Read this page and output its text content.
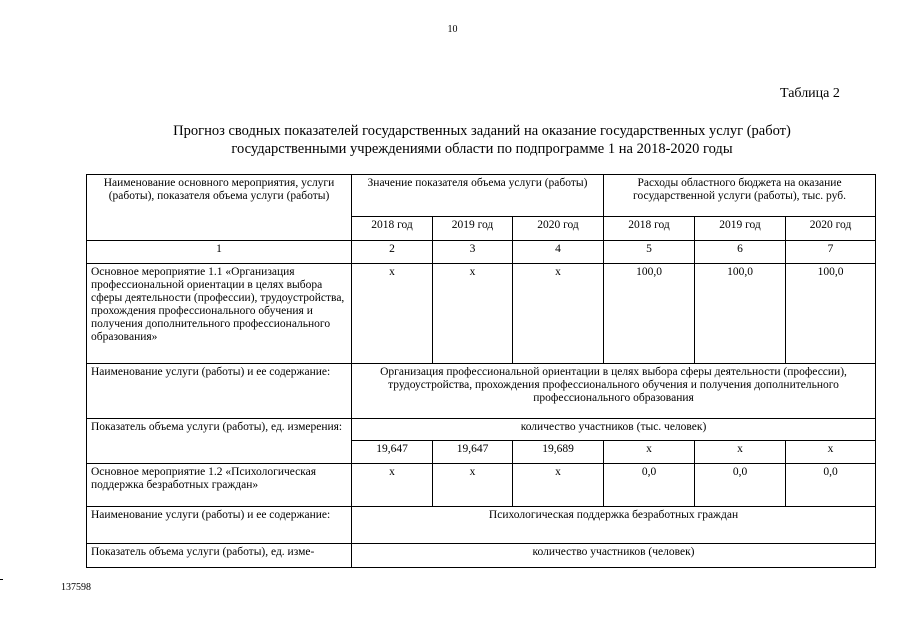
10
Таблица 2
Прогноз сводных показателей государственных заданий на оказание государственных услуг (работ)
государственными учреждениями области по подпрограмме 1 на 2018-2020 годы
Наименование основного мероприятия, услуги (работы), показателя объема услуги (работы)	Значение показателя объема услуги (работы)			Расходы областного бюджета на оказание государственной услуги (работы), тыс. руб.		
	2018 год	2019 год	2020 год	2018 год	2019 год	2020 год
1	2	3	4	5	6	7
Основное мероприятие 1.1 «Организация профессиональной ориентации в целях выбора сферы деятельности (профессии), трудоустройства, прохождения профессионального обучения и получения дополнительного профессионального образования»	x	x	x	100,0	100,0	100,0
Наименование услуги (работы) и ее содержание:	Организация профессиональной ориентации в целях выбора сферы деятельности (профессии), трудоустройства, прохождения профессионального обучения и получения дополнительного профессионального образования					
Показатель объема услуги (работы), ед. измерения:	количество участников (тыс. человек)					
	19,647	19,647	19,689	x	x	x
Основное мероприятие 1.2 «Психологическая поддержка безработных граждан»	x	x	x	0,0	0,0	0,0
Наименование услуги (работы) и ее содержание:	Психологическая поддержка безработных граждан					

Показатель объема услуги (работы), ед. изме-	количество участников (человек)					
137598
